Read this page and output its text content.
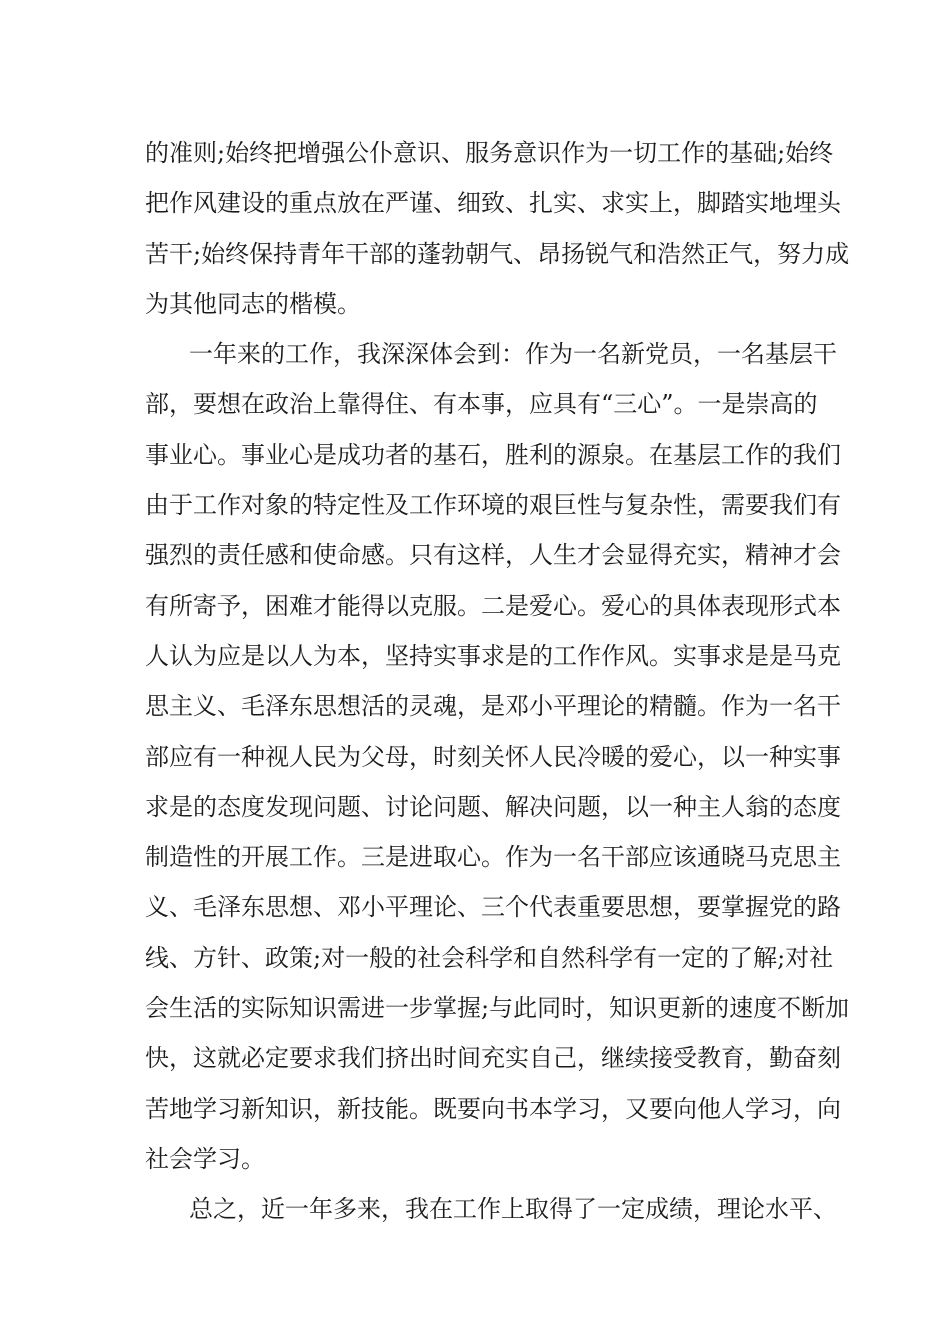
的准则;始终把增强公仆意识、服务意识作为一切工作的基础;始终
把作风建设的重点放在严谨、细致、扎实、求实上，脚踏实地埋头
苦干;始终保持青年干部的蓬勃朝气、昂扬锐气和浩然正气，努力成
为其他同志的楷模。
一年来的工作，我深深体会到：作为一名新党员，一名基层干
部，要想在政治上靠得住、有本事，应具有“三心”。一是崇高的
事业心。事业心是成功者的基石，胜利的源泉。在基层工作的我们
由于工作对象的特定性及工作环境的艰巨性与复杂性，需要我们有
强烈的责任感和使命感。只有这样，人生才会显得充实，精神才会
有所寄予，困难才能得以克服。二是爱心。爱心的具体表现形式本
人认为应是以人为本，坚持实事求是的工作作风。实事求是是马克
思主义、毛泽东思想活的灵魂，是邓小平理论的精髓。作为一名干
部应有一种视人民为父母，时刻关怀人民冷暖的爱心，以一种实事
求是的态度发现问题、讨论问题、解决问题，以一种主人翁的态度
制造性的开展工作。三是进取心。作为一名干部应该通晓马克思主
义、毛泽东思想、邓小平理论、三个代表重要思想，要掌握党的路
线、方针、政策;对一般的社会科学和自然科学有一定的了解;对社
会生活的实际知识需进一步掌握;与此同时，知识更新的速度不断加
快，这就必定要求我们挤出时间充实自己，继续接受教育，勤奋刻
苦地学习新知识，新技能。既要向书本学习，又要向他人学习，向
社会学习。
总之，近一年多来，我在工作上取得了一定成绩，理论水平、
